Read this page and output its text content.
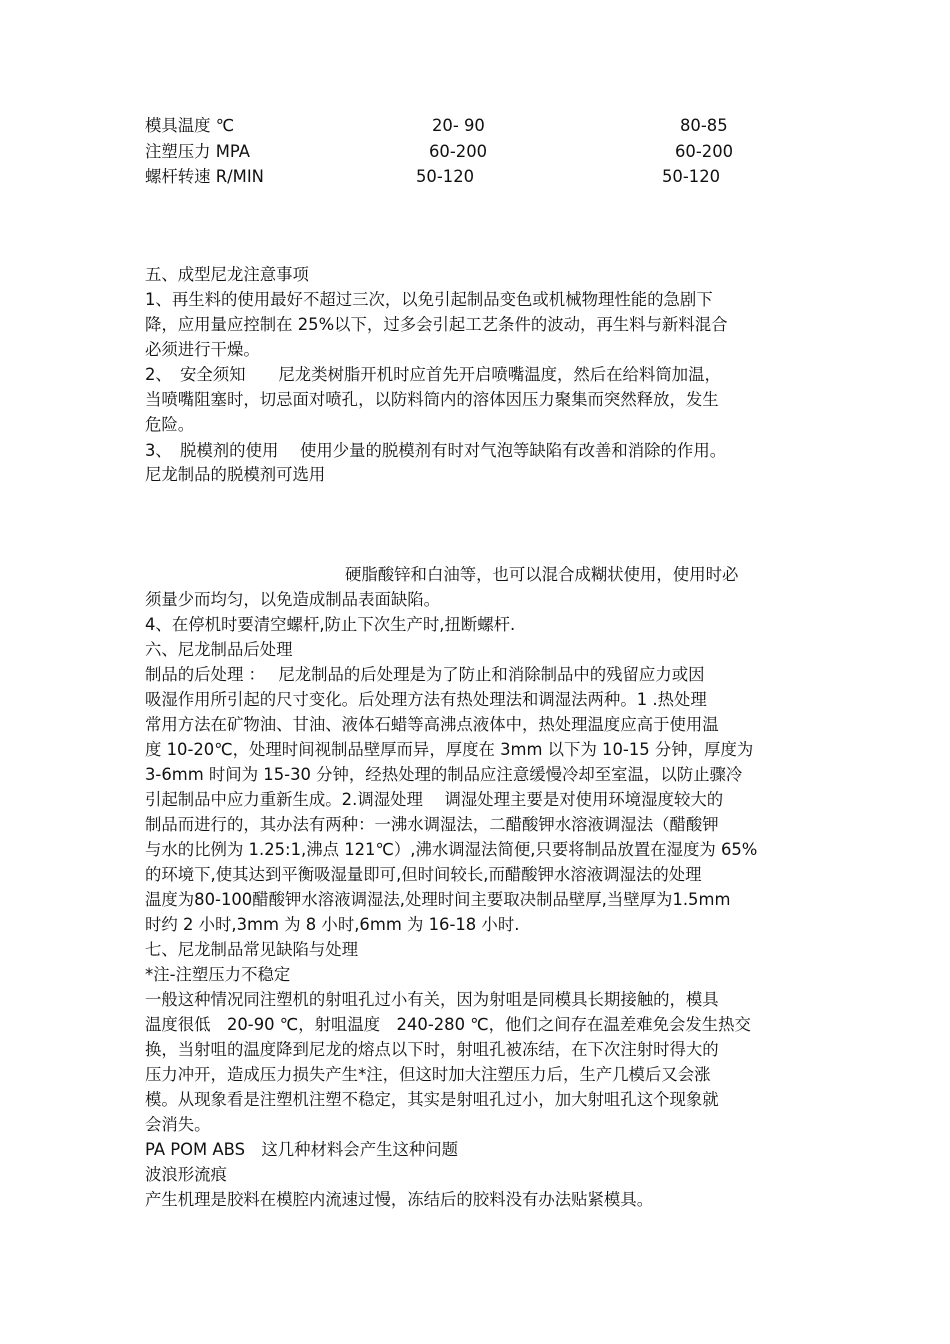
模具温度 ℃	20- 90	80-85
注塑压力 MPA	60-200	60-200
螺杆转速 R/MIN	50-120	50-120
五、成型尼龙注意事项
1、再生料的使用最好不超过三次，以免引起制品变色或机械物理性能的急剧下
降，应用量应控制在 25%以下，过多会引起工艺条件的波动，再生料与新料混合
必须进行干燥。
2、　安全须知　　尼龙类树脂开机时应首先开启喷嘴温度，然后在给料筒加温，
当喷嘴阻塞时，切忌面对喷孔，以防料筒内的溶体因压力聚集而突然释放，发生
危险。
3、　脱模剂的使用　 使用少量的脱模剂有时对气泡等缺陷有改善和消除的作用。
尼龙制品的脱模剂可选用
硬脂酸锌和白油等，也可以混合成糊状使用，使用时必
须量少而均匀，以免造成制品表面缺陷。
4、在停机时要清空螺杆,防止下次生产时,扭断螺杆.
六、尼龙制品后处理
制品的后处理 ：　 尼龙制品的后处理是为了防止和消除制品中的残留应力或因
吸湿作用所引起的尺寸变化。后处理方法有热处理法和调湿法两种。1 .热处理
常用方法在矿物油、甘油、液体石蜡等高沸点液体中，热处理温度应高于使用温
度 10-20℃，处理时间视制品壁厚而异，厚度在 3mm 以下为 10-15 分钟，厚度为
3-6mm 时间为 15-30 分钟，经热处理的制品应注意缓慢冷却至室温，以防止骤冷
引起制品中应力重新生成。2.调湿处理　 调湿处理主要是对使用环境湿度较大的
制品而进行的，其办法有两种：一沸水调湿法，二醋酸钾水溶液调湿法（醋酸钾
与水的比例为 1.25:1,沸点 121℃）,沸水调湿法简便,只要将制品放置在湿度为 65%
的环境下,使其达到平衡吸湿量即可,但时间较长,而醋酸钾水溶液调湿法的处理
温度为80-100醋酸钾水溶液调湿法,处理时间主要取决制品壁厚,当壁厚为1.5mm
时约 2 小时,3mm 为 8 小时,6mm 为 16-18 小时.
七、尼龙制品常见缺陷与处理
*注-注塑压力不稳定
一般这种情况同注塑机的射咀孔过小有关，因为射咀是同模具长期接触的，模具
温度很低　20-90 ℃，射咀温度　240-280 ℃，他们之间存在温差难免会发生热交
换，当射咀的温度降到尼龙的熔点以下时，射咀孔被冻结，在下次注射时得大的
压力冲开，造成压力损失产生*注，但这时加大注塑压力后，生产几模后又会涨
模。从现象看是注塑机注塑不稳定，其实是射咀孔过小，加大射咀孔这个现象就
会消失。
PA POM ABS　这几种材料会产生这种问题
波浪形流痕
产生机理是胶料在模腔内流速过慢，冻结后的胶料没有办法贴紧模具。
